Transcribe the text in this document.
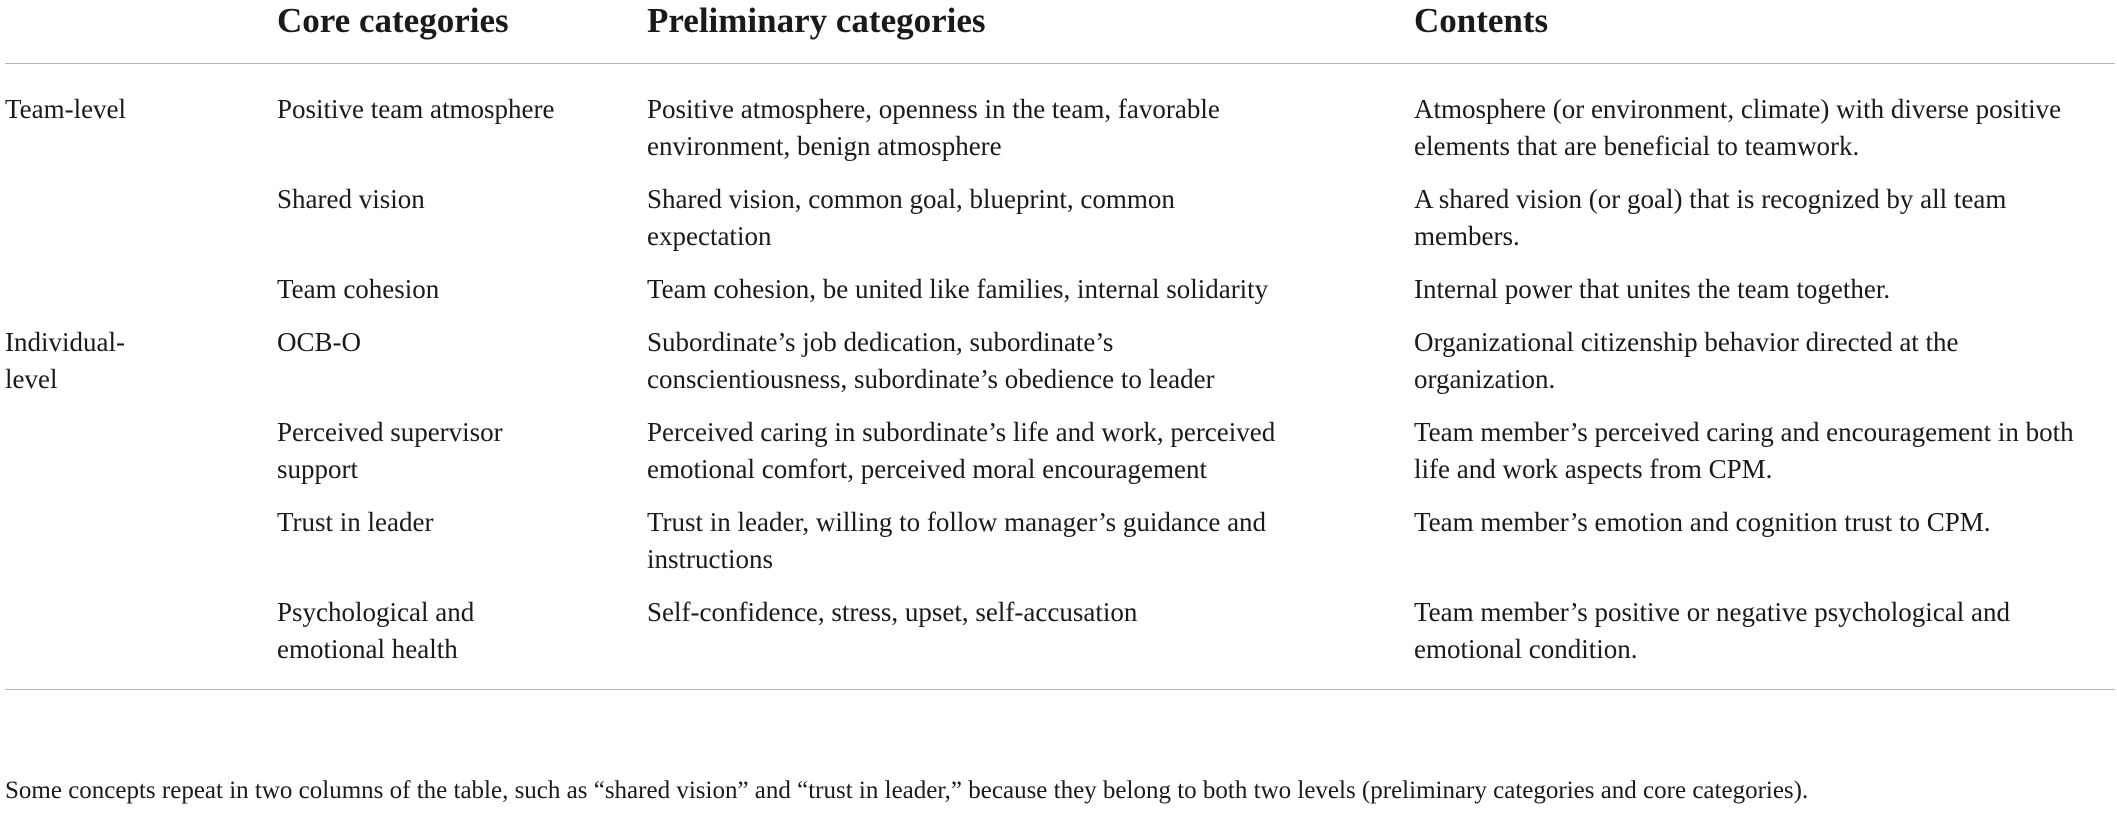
	Core categories	Preliminary categories	Contents

Team-level	Positive team atmosphere	Positive atmosphere, openness in the team, favorable environment, benign atmosphere	Atmosphere (or environment, climate) with diverse positive elements that are beneficial to teamwork.

	Shared vision	Shared vision, common goal, blueprint, common expectation	A shared vision (or goal) that is recognized by all team members.

	Team cohesion	Team cohesion, be united like families, internal solidarity	Internal power that unites the team together.

Individual-level	OCB-O	Subordinate’s job dedication, subordinate’s conscientiousness, subordinate’s obedience to leader	Organizational citizenship behavior directed at the organization.

	Perceived supervisor support	Perceived caring in subordinate’s life and work, perceived emotional comfort, perceived moral encouragement	Team member’s perceived caring and encouragement in both life and work aspects from CPM.

	Trust in leader	Trust in leader, willing to follow manager’s guidance and instructions	Team member’s emotion and cognition trust to CPM.

	Psychological and emotional health	Self-confidence, stress, upset, self-accusation	Team member’s positive or negative psychological and emotional condition.
Some concepts repeat in two columns of the table, such as “shared vision” and “trust in leader,” because they belong to both two levels (preliminary categories and core categories).
